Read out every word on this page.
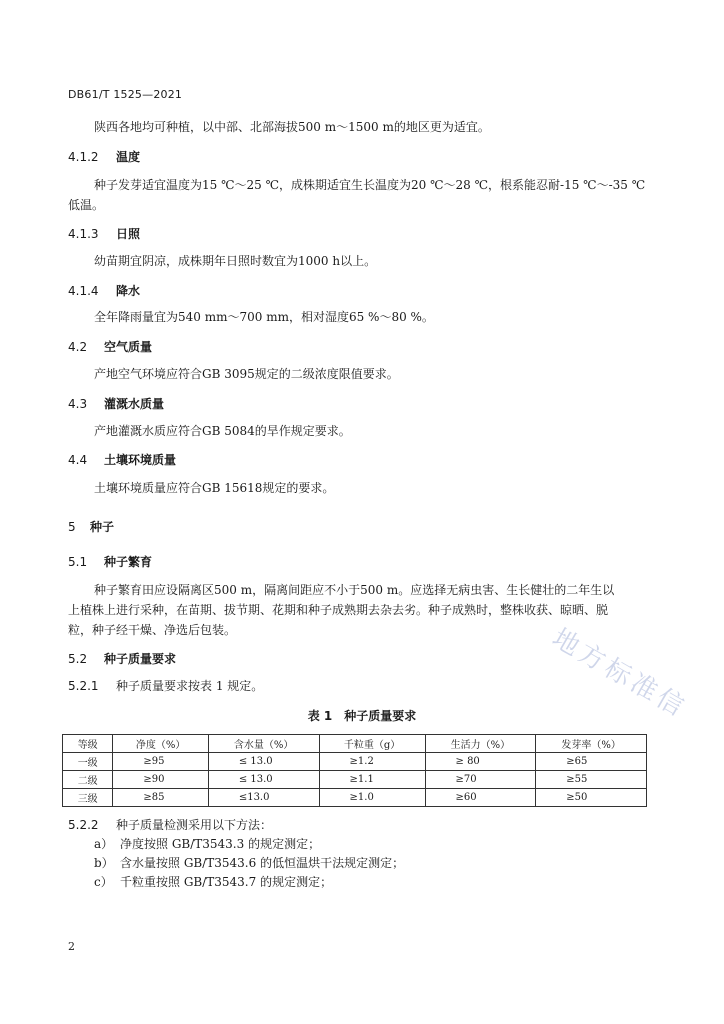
DB61/T 1525—2021

陕西各地均可种植，以中部、北部海拔500 m～1500 m的地区更为适宜。

4.1.2 温度

种子发芽适宜温度为15 ℃～25 ℃，成株期适宜生长温度为20 ℃～28 ℃，根系能忍耐-15 ℃～-35 ℃

低温。

4.1.3 日照

幼苗期宜阴凉，成株期年日照时数宜为1000 h以上。

4.1.4 降水

全年降雨量宜为540 mm～700 mm，相对湿度65 %～80 %。

4.2 空气质量

产地空气环境应符合GB 3095规定的二级浓度限值要求。

4.3 灌溉水质量

产地灌溉水质应符合GB 5084的旱作规定要求。

4.4 土壤环境质量

土壤环境质量应符合GB 15618规定的要求。

5 种子
5.1 种子繁育

种子繁育田应设隔离区500 m，隔离间距应不小于500 m。应选择无病虫害、生长健壮的二年生以

上植株上进行采种，在苗期、拔节期、花期和种子成熟期去杂去劣。种子成熟时，整株收获、晾晒、脱

粒，种子经干燥、净选后包装。

5.2 种子质量要求
5.2.1 种子质量要求按表 1 规定。
表 1　种子质量要求
等级	净度（%）	含水量（%）	千粒重（g）	生活力（%）	发芽率（%）
一级	≥95	≤ 13.0	≥1.2	≥ 80	≥65
二级	≥90	≤ 13.0	≥1.1	≥70	≥55
三级	≥85	≤13.0	≥1.0	≥60	≥50
5.2.2 种子质量检测采用以下方法：
a） 净度按照 GB/T3543.3 的规定测定；
b） 含水量按照 GB/T3543.6 的低恒温烘干法规定测定；
c） 千粒重按照 GB/T3543.7 的规定测定；
2
地方标准信
